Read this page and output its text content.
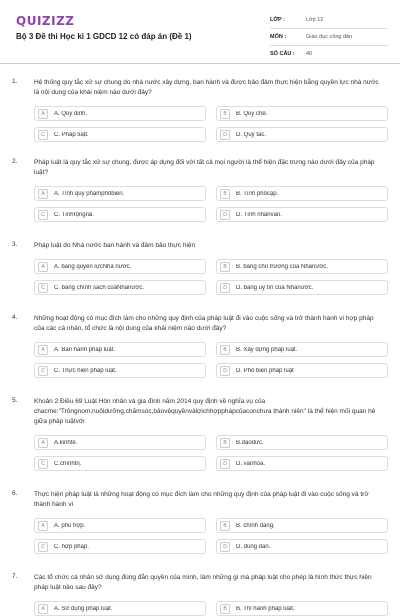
QUIZIZZ
Bộ 3 Đề thi Học kì 1 GDCD 12 có đáp án (Đề 1)
LỚP :	Lớp 12
MÔN :	Giáo dục công dân
SỐ CÂU :	40
1.	Hệ thống quy tắc xử sự chung do nhà nước xây dựng, ban hành và được bảo đảm thực hiện bằng quyền lực nhà nước là nội dung của khái niệm nào dưới đây?
A	A. Quy định.	B	B. Quy chế.
C	C. Pháp luật.	D	D. Quy tắc.
2.	Pháp luật là quy tắc xử sự chung, được áp dụng đối với tất cả mọi người là thể hiện đặc trưng nào dưới đây của pháp luật?
A	A. Tính quy phạmphổbiến.	B	B. Tính phổcập.
C	C. Tínhrộngrãi.	D	D. Tính nhânvăn.
3.	Pháp luật do Nhà nước ban hành và đảm bảo thực hiện
A	A. bằng quyền lựcNhà nước.	B	B. bằng chủ trương của Nhànước.
C	C. bằng chính sách củaNhànước.	D	D. bằng uy tín của Nhànước.
4.	Những hoạt động có mục đích làm cho những quy định của pháp luật đi vào cuộc sống và trở thành hành vi hợp pháp của các cá nhân, tổ chức là nội dung của khái niệm nào dưới đây?
A	A. Ban hành pháp luật.	B	B. Xây dựng pháp luật.
C	C. Thực hiện pháp luật.	D	D. Phổ biến pháp luật
5.	Khoản 2 Điều 69 Luật Hôn nhân và gia đình năm 2014 quy định về nghĩa vụ của chacme:"Trôngnom,nuôidưỡng,chămsóc,bảovệquyềnvàlợichhợpphápcủaconchưa thành niên" là thể hiện mối quan hệ giữa pháp luậtvới
A	A.kinhtế.	B	B.đạođức.
C	C.chínhtrị.	D	D. vănhóa.
6.	Thực hiện pháp luật là những hoạt động có mục đích làm cho những quy định của pháp luật đi vào cuộc sống và trở thành hành vi
A	A. phù hợp.	B	B. chính đáng.
C	C. hợp pháp.	D	D. đúng đắn.
7.	Các tổ chức cá nhân sử dụng đúng đắn quyền của mình, làm những gì mà pháp luật cho phép là hình thức thực hiện pháp luật nào sau đây?
A	A. Sử dụng pháp luật.	B	B. Thi hành pháp luật.
